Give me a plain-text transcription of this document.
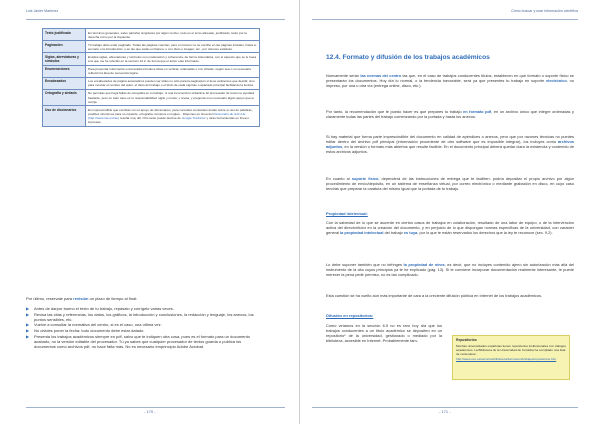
Luis Javier Martínez
Texto justificado	En términos generales, salvo párrafos singulares por algún motivo, todo es el texto alineado, justificado, tanto por la derecha como por la izquierda.
Paginación	Tú trabajo debe estar paginado. Todas las páginas cuentan, pero el número no se escribe en las páginas iniciales, hasta el sumario o la introducción; o en las que están en blanco; o con título o imagen; etc., por razones estéticas.
Siglas, abreviaturas y símbolos	Empléa siglas, abreviaturas y símbolos con moderación y coherencia, de forma sistemática, con el aspecto que se le fuera a la que me he referido en la sección 12.2. de forma que el lector esté informado.
Enumeraciones	Para presentar información enumerada introduce listas en vertical, ordenadas o con viñetas, según sea o no necesaria reflexión la idea de secuencia lógica.
Encabezados	Los encabezados de página automáticos pueden ser útiles no sólo para la paginación si tiene ambientos que decidir, sino para mostrar el nombre del autor, el título del trabajo o el título de cada capítulo o apartado principal facilitando la lectura.
Ortografía y sintaxis	No permitas que haya faltas de ortografía en tu trabajo, ni una incorrección sintáctica. El procesador de textos te ayudará bastante, pero en todo caso es tu responsabilidad: sigilo y revisa, y revisa, y pregunta si es necesario algún apoyo que te corrija.
Uso de diccionarios	Es imprescindible que escribas con el apoyo de diccionarios, para consultar constantes dudas sobre el uso de palabras, posibles sinónimos para no repetirte, ortografía, términos en inglés... Dispones en línea del Diccionario de la R.A.E. (http://www.rae.es/rae) resulta muy útil. Otro tanto puede decirse de Google Traductor y otras herramientas en línea o impresas.
Por último, reservate para revisión un plazo de tiempo al final:
▶ Antes de darpor bueno el texto de tu trabajo, repásalo y corrígelo varias veces.
▶ Revisa las citas y referencias, los datos, los gráficos, la introducción y conclusiones, la redacción y lenguaje, los anexos, los puntos sensibles, etc.
▶ Vuelve a consultar la normativa del centro, si es el caso, una última vez.
▶ No olvides poner la fecha: todo documento debe estar datado.
▶ Presenta los trabajos académicos siempre en pdf, salvo que te indiquen otra cosa, pues es el formato para un documento acabado, no la versión editable del procesador. Tú ya sabes que cualquier procesador de textos guarda o publica los documentos como archivos pdf, no hace falta más. No es necesario emprincipio Adobe Acrobat.
- 170 -
Cómo buscar y usar información científica
12.4. Formato y difusión de los trabajos académicos
Nuevamente serán las normas del centro las que, en el caso de trabajos conducentes títulos, establecen en qué formato o soporte físico se presentarán los documentos. Hoy día lo normal, o la tendencia inexorable, será ya que presentes tu trabajo en soporte electrónico, no impreso, por una u otra vía (entrega online, disco, etc.).
Por tanto, la recomendación que te puedo hacer es que prepares tu trabajo en formato pdf, en un archivo único que integre ordenadas y claramente todas las partes del trabajo comenzando por la portada y hasta los anexos.
Si hay material que forma parte imprescindible del documento en calidad de apéndices o anexos, pero que por razones técnicas no puedes editar dentro del archivo pdf principal (información procedente de otro software que es imposible integrar), los incluyes como archivos adjuntos, en la versión o formato más abiertos que resulte factible. En el documento principal deberá quedar clara la existencia y contenido de estos archivos adjuntos.
En cuanto al soporte físico, dependerá de las instrucciones de entrega que te faciliten: podría depositar el propio archivo por algún procedimiento de envío/depósito, en un sistema de enseñanza virtual, por correo electrónico o mediante grabación en disco, en cuyo caso tendrás que preparar la carátula del mismo igual que la portada de tu trabajo.
Propiedad intelectual:
Con la salvedad de lo que se acuerde en ciertos casos de trabajos en colaboración, resultado de una labor de equipo, o de la intervención activa del director/tutor en la creación del documento, y en perjuicio de lo que dispongan normas específicas de la universidad, con carácter general la propiedad intelectual del trabajo es tuya, por lo que te están reservados los derechos que la ley te reconoce (sec. 9.2).
Lo debe suponer también que no infringes la propiedad de otros, es decir, que no incluyes contenido ajeno sin autorización más allá del instrumento de la cita cuyos principios ya te he explicado (pág. 13). Si te conviene incorporar documentación realmente interesante, te puede merecer la pena pedir permiso, no es tan complicado.
Esta cuestión se ha vuelto aún más importante de cara a la creciente difusión pública en Internet de los trabajos académicos.
Difusión en repositorios:
Como veíamos en la sección 6.5 no es raro hoy día que los trabajos conducentes a un título académico se depositen en un repositorio* de la universidad, gestionado o mediado por la biblioteca, accesible en Internet. Probablemente tam-	Repositorios
Muchas universidades españolas tienen repositorios institucionales con trabajos académicos. La Biblioteca de la Universidad de Córdoba ha compilado una lista de centenares:
http://www.uco.es/servicios/biblioteca/formacion/trabajos/repositorios.htm
- 171 -
